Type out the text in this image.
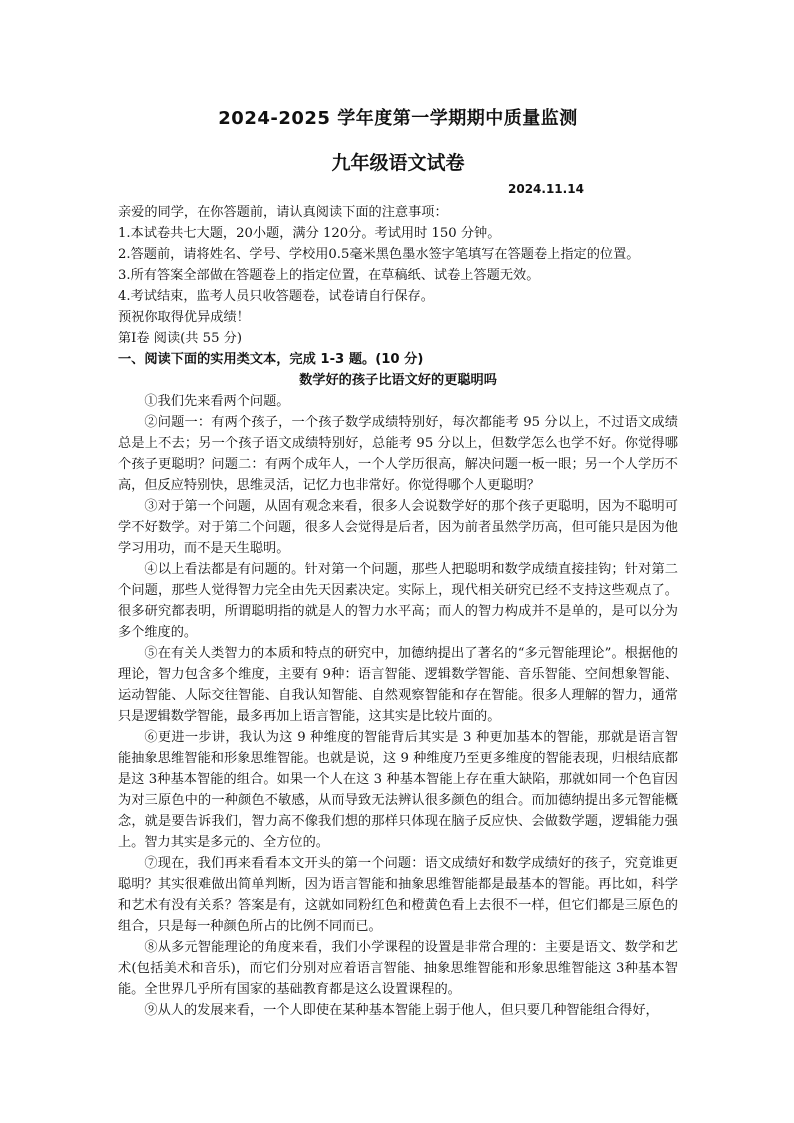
2024-2025 学年度第一学期期中质量监测
九年级语文试卷
2024.11.14

亲爱的同学，在你答题前，请认真阅读下面的注意事项：

1.本试卷共七大题，20小题，满分 120分。考试用时 150 分钟。

2.答题前，请将姓名、学号、学校用0.5毫米黑色墨水签字笔填写在答题卷上指定的位置。

3.所有答案全部做在答题卷上的指定位置，在草稿纸、试卷上答题无效。

4.考试结束，监考人员只收答题卷，试卷请自行保存。

预祝你取得优异成绩！

第Ⅰ卷 阅读(共 55 分)

一、阅读下面的实用类文本，完成 1-3 题。(10 分)

数学好的孩子比语文好的更聪明吗

①我们先来看两个问题。

②问题一：有两个孩子，一个孩子数学成绩特别好，每次都能考 95 分以上，不过语文成绩总是上不去；另一个孩子语文成绩特别好，总能考 95 分以上，但数学怎么也学不好。你觉得哪个孩子更聪明？问题二：有两个成年人，一个人学历很高，解决问题一板一眼；另一个人学历不高，但反应特别快，思维灵活，记忆力也非常好。你觉得哪个人更聪明？

③对于第一个问题，从固有观念来看，很多人会说数学好的那个孩子更聪明，因为不聪明可学不好数学。对于第二个问题，很多人会觉得是后者，因为前者虽然学历高，但可能只是因为他学习用功，而不是天生聪明。

④以上看法都是有问题的。针对第一个问题，那些人把聪明和数学成绩直接挂钩；针对第二个问题，那些人觉得智力完全由先天因素决定。实际上，现代相关研究已经不支持这些观点了。很多研究都表明，所谓聪明指的就是人的智力水平高；而人的智力构成并不是单的，是可以分为多个维度的。

⑤在有关人类智力的本质和特点的研究中，加德纳提出了著名的“多元智能理论”。根据他的理论，智力包含多个维度，主要有 9种：语言智能、逻辑数学智能、音乐智能、空间想象智能、运动智能、人际交往智能、自我认知智能、自然观察智能和存在智能。很多人理解的智力，通常只是逻辑数学智能，最多再加上语言智能，这其实是比较片面的。

⑥更进一步讲，我认为这 9 种维度的智能背后其实是 3 种更加基本的智能，那就是语言智能抽象思维智能和形象思维智能。也就是说，这 9 种维度乃至更多维度的智能表现，归根结底都是这 3种基本智能的组合。如果一个人在这 3 种基本智能上存在重大缺陷，那就如同一个色盲因为对三原色中的一种颜色不敏感，从而导致无法辨认很多颜色的组合。而加德纳提出多元智能概念，就是要告诉我们，智力高不像我们想的那样只体现在脑子反应快、会做数学题，逻辑能力强上。智力其实是多元的、全方位的。

⑦现在，我们再来看看本文开头的第一个问题：语文成绩好和数学成绩好的孩子，究竟谁更聪明？其实很难做出简单判断，因为语言智能和抽象思维智能都是最基本的智能。再比如，科学和艺术有没有关系？答案是有，这就如同粉红色和橙黄色看上去很不一样，但它们都是三原色的组合，只是每一种颜色所占的比例不同而已。

⑧从多元智能理论的角度来看，我们小学课程的设置是非常合理的：主要是语文、数学和艺术(包括美术和音乐)，而它们分别对应着语言智能、抽象思维智能和形象思维智能这 3种基本智能。全世界几乎所有国家的基础教育都是这么设置课程的。

⑨从人的发展来看，一个人即使在某种基本智能上弱于他人，但只要几种智能组合得好，
